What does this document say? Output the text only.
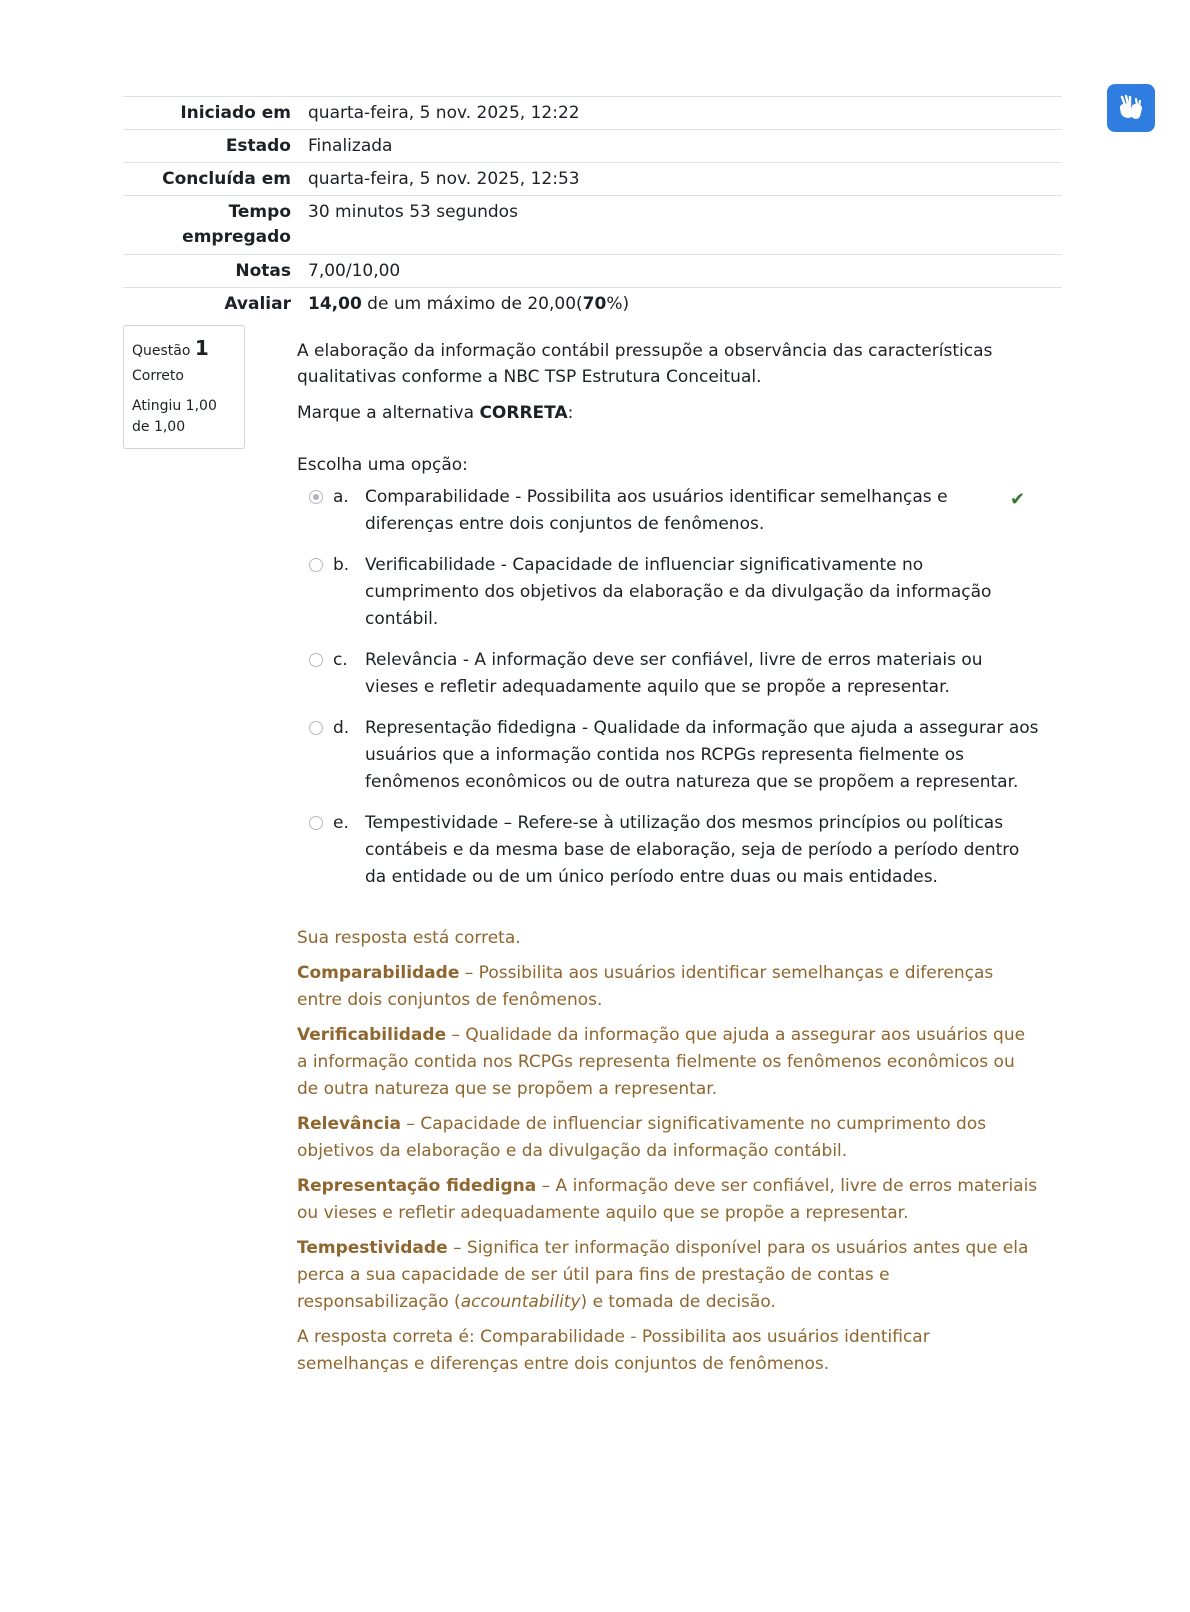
Iniciado em	quarta-feira, 5 nov. 2025, 12:22
Estado	Finalizada
Concluída em	quarta-feira, 5 nov. 2025, 12:53
Tempo
empregado	30 minutos 53 segundos
Notas	7,00/10,00
Avaliar	14,00 de um máximo de 20,00(70%)
Questão 1
Correto
Atingiu 1,00 de 1,00

A elaboração da informação contábil pressupõe a observância das características qualitativas conforme a NBC TSP Estrutura Conceitual.

Marque a alternativa CORRETA:

Escolha uma opção:

a. Comparabilidade - Possibilita aos usuários identificar semelhanças e diferenças entre dois conjuntos de fenômenos.
✔
b. Verificabilidade - Capacidade de influenciar significativamente no cumprimento dos objetivos da elaboração e da divulgação da informação contábil.
c. Relevância - A informação deve ser confiável, livre de erros materiais ou vieses e refletir adequadamente aquilo que se propõe a representar.
d. Representação fidedigna - Qualidade da informação que ajuda a assegurar aos usuários que a informação contida nos RCPGs representa fielmente os fenômenos econômicos ou de outra natureza que se propõem a representar.
e. Tempestividade – Refere-se à utilização dos mesmos princípios ou políticas contábeis e da mesma base de elaboração, seja de período a período dentro da entidade ou de um único período entre duas ou mais entidades.

Sua resposta está correta.

Comparabilidade – Possibilita aos usuários identificar semelhanças e diferenças entre dois conjuntos de fenômenos.

Verificabilidade – Qualidade da informação que ajuda a assegurar aos usuários que a informação contida nos RCPGs representa fielmente os fenômenos econômicos ou de outra natureza que se propõem a representar.

Relevância – Capacidade de influenciar significativamente no cumprimento dos objetivos da elaboração e da divulgação da informação contábil.

Representação fidedigna – A informação deve ser confiável, livre de erros materiais ou vieses e refletir adequadamente aquilo que se propõe a representar.

Tempestividade – Significa ter informação disponível para os usuários antes que ela perca a sua capacidade de ser útil para fins de prestação de contas e responsabilização (accountability) e tomada de decisão.

A resposta correta é: Comparabilidade - Possibilita aos usuários identificar semelhanças e diferenças entre dois conjuntos de fenômenos.
